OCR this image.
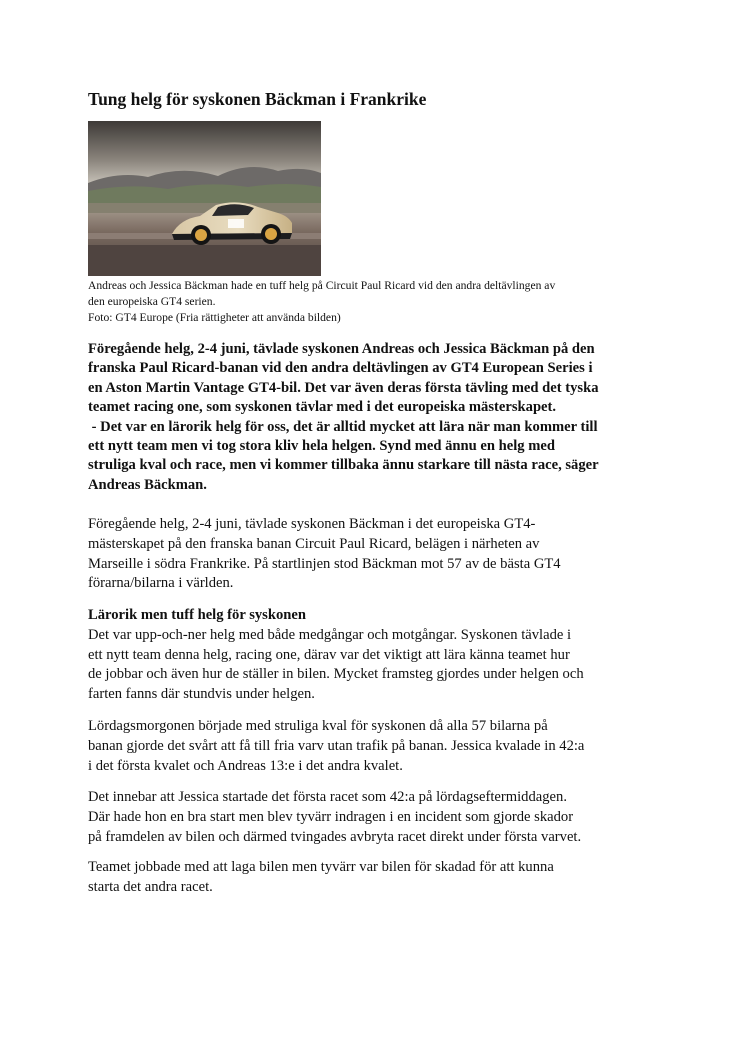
Tung helg för syskonen Bäckman i Frankrike
Andreas och Jessica Bäckman hade en tuff helg på Circuit Paul Ricard vid den andra deltävlingen av
den europeiska GT4 serien.
Foto: GT4 Europe (Fria rättigheter att använda bilden)
Föregående helg, 2-4 juni, tävlade syskonen Andreas och Jessica Bäckman på den
franska Paul Ricard-banan vid den andra deltävlingen av GT4 European Series i
en Aston Martin Vantage GT4-bil. Det var även deras första tävling med det tyska
teamet racing one, som syskonen tävlar med i det europeiska mästerskapet.
- Det var en lärorik helg för oss, det är alltid mycket att lära när man kommer till
ett nytt team men vi tog stora kliv hela helgen. Synd med ännu en helg med
struliga kval och race, men vi kommer tillbaka ännu starkare till nästa race, säger
Andreas Bäckman.
Föregående helg, 2-4 juni, tävlade syskonen Bäckman i det europeiska GT4-
mästerskapet på den franska banan Circuit Paul Ricard, belägen i närheten av
Marseille i södra Frankrike. På startlinjen stod Bäckman mot 57 av de bästa GT4
förarna/bilarna i världen.
Lärorik men tuff helg för syskonen
Det var upp-och-ner helg med både medgångar och motgångar. Syskonen tävlade i
ett nytt team denna helg, racing one, därav var det viktigt att lära känna teamet hur
de jobbar och även hur de ställer in bilen. Mycket framsteg gjordes under helgen och
farten fanns där stundvis under helgen.
Lördagsmorgonen började med struliga kval för syskonen då alla 57 bilarna på
banan gjorde det svårt att få till fria varv utan trafik på banan. Jessica kvalade in 42:a
i det första kvalet och Andreas 13:e i det andra kvalet.
Det innebar att Jessica startade det första racet som 42:a på lördagseftermiddagen.
Där hade hon en bra start men blev tyvärr indragen i en incident som gjorde skador
på framdelen av bilen och därmed tvingades avbryta racet direkt under första varvet.
Teamet jobbade med att laga bilen men tyvärr var bilen för skadad för att kunna
starta det andra racet.
